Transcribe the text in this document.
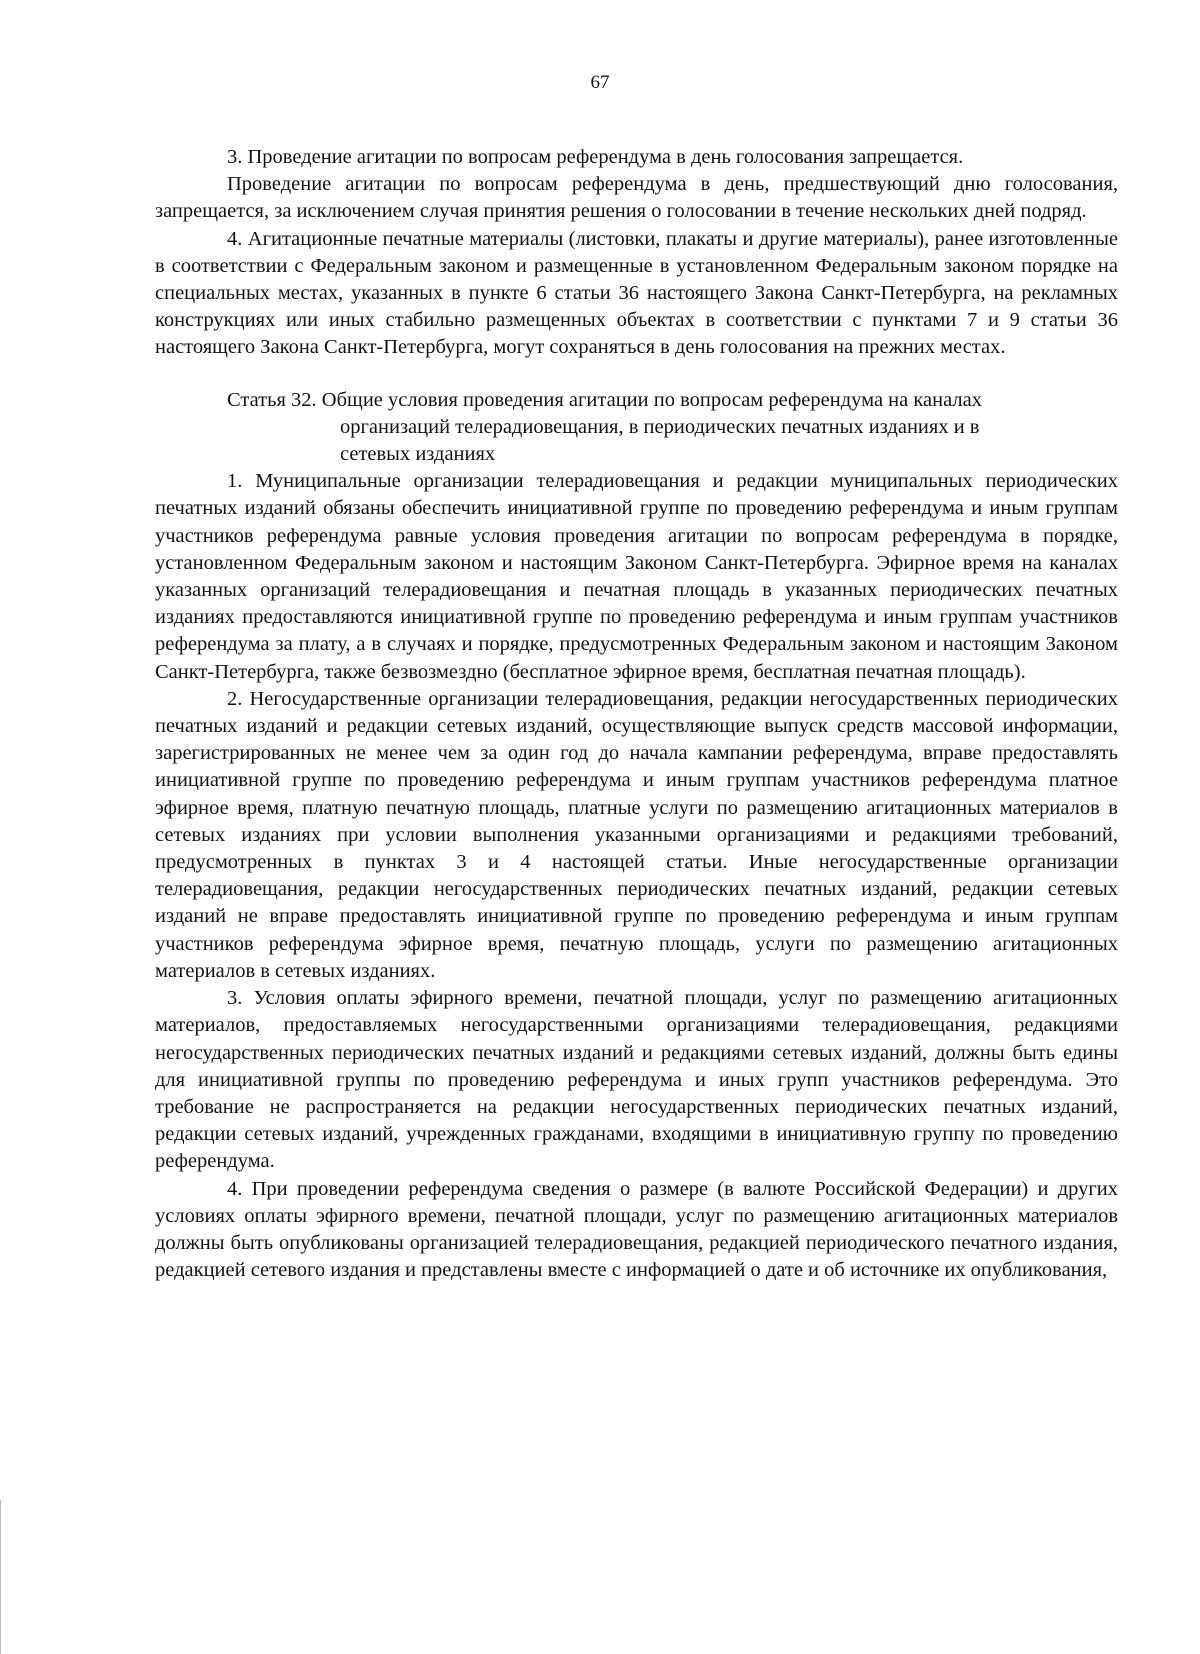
67

3. Проведение агитации по вопросам референдума в день голосования запрещается.

Проведение агитации по вопросам референдума в день, предшествующий дню голосования, запрещается, за исключением случая принятия решения о голосовании в течение нескольких дней подряд.

4. Агитационные печатные материалы (листовки, плакаты и другие материалы), ранее изготовленные в соответствии с Федеральным законом и размещенные в установленном Федеральным законом порядке на специальных местах, указанных в пункте 6 статьи 36 настоящего Закона Санкт-Петербурга, на рекламных конструкциях или иных стабильно размещенных объектах в соответствии с пунктами 7 и 9 статьи 36 настоящего Закона Санкт-Петербурга, могут сохраняться в день голосования на прежних местах.

Статья 32. Общие условия проведения агитации по вопросам референдума на каналах организаций телерадиовещания, в периодических печатных изданиях и в сетевых изданиях

1. Муниципальные организации телерадиовещания и редакции муниципальных периодических печатных изданий обязаны обеспечить инициативной группе по проведению референдума и иным группам участников референдума равные условия проведения агитации по вопросам референдума в порядке, установленном Федеральным законом и настоящим Законом Санкт-Петербурга. Эфирное время на каналах указанных организаций телерадиовещания и печатная площадь в указанных периодических печатных изданиях предоставляются инициативной группе по проведению референдума и иным группам участников референдума за плату, а в случаях и порядке, предусмотренных Федеральным законом и настоящим Законом Санкт-Петербурга, также безвозмездно (бесплатное эфирное время, бесплатная печатная площадь).

2. Негосударственные организации телерадиовещания, редакции негосударственных периодических печатных изданий и редакции сетевых изданий, осуществляющие выпуск средств массовой информации, зарегистрированных не менее чем за один год до начала кампании референдума, вправе предоставлять инициативной группе по проведению референдума и иным группам участников референдума платное эфирное время, платную печатную площадь, платные услуги по размещению агитационных материалов в сетевых изданиях при условии выполнения указанными организациями и редакциями требований, предусмотренных в пунктах 3 и 4 настоящей статьи. Иные негосударственные организации телерадиовещания, редакции негосударственных периодических печатных изданий, редакции сетевых изданий не вправе предоставлять инициативной группе по проведению референдума и иным группам участников референдума эфирное время, печатную площадь, услуги по размещению агитационных материалов в сетевых изданиях.

3. Условия оплаты эфирного времени, печатной площади, услуг по размещению агитационных материалов, предоставляемых негосударственными организациями телерадиовещания, редакциями негосударственных периодических печатных изданий и редакциями сетевых изданий, должны быть едины для инициативной группы по проведению референдума и иных групп участников референдума. Это требование не распространяется на редакции негосударственных периодических печатных изданий, редакции сетевых изданий, учрежденных гражданами, входящими в инициативную группу по проведению референдума.

4. При проведении референдума сведения о размере (в валюте Российской Федерации) и других условиях оплаты эфирного времени, печатной площади, услуг по размещению агитационных материалов должны быть опубликованы организацией телерадиовещания, редакцией периодического печатного издания, редакцией сетевого издания и представлены вместе с информацией о дате и об источнике их опубликования,
